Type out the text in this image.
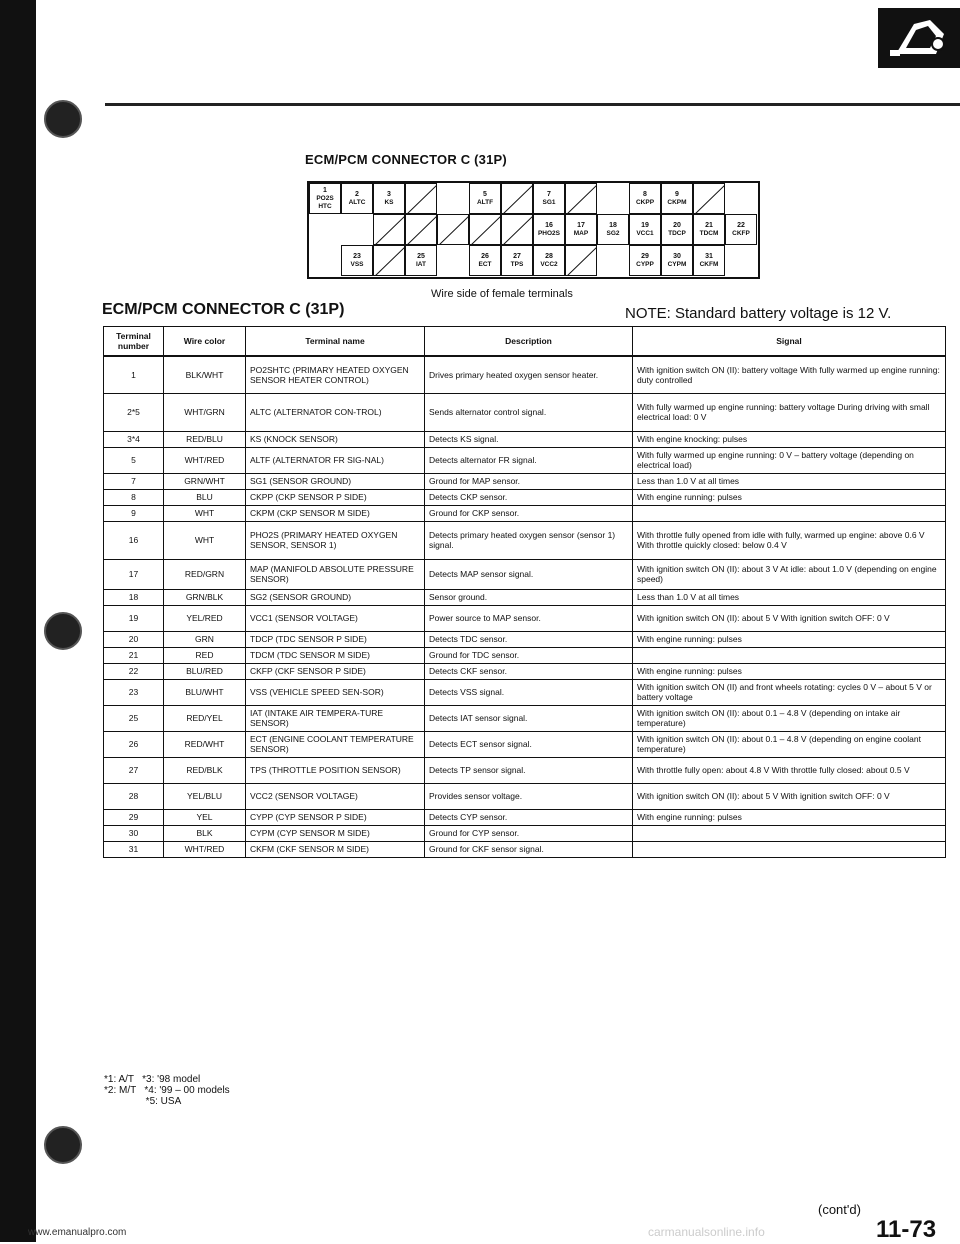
ECM/PCM CONNECTOR C (31P)
1
PO2S HTC
2
ALTC
3
KS
5
ALTF
7
SG1
8
CKPP
9
CKPM
16
PHO2S
17
MAP
18
SG2
19
VCC1
20
TDCP
21
TDCM
22
CKFP
23
VSS
25
IAT
26
ECT
27
TPS
28
VCC2
29
CYPP
30
CYPM
31
CKFM
Wire side of female terminals
ECM/PCM CONNECTOR C (31P)	NOTE: Standard battery voltage is 12 V.
Terminal number	Wire color	Terminal name	Description	Signal
1	BLK/WHT	PO2SHTC (PRIMARY HEATED OXYGEN SENSOR HEATER CONTROL)	Drives primary heated oxygen sensor heater.	With ignition switch ON (II): battery voltage With fully warmed up engine running: duty controlled
2*5	WHT/GRN	ALTC (ALTERNATOR CON-TROL)	Sends alternator control signal.	With fully warmed up engine running: battery voltage During driving with small electrical load: 0 V
3*4	RED/BLU	KS (KNOCK SENSOR)	Detects KS signal.	With engine knocking: pulses
5	WHT/RED	ALTF (ALTERNATOR FR SIG-NAL)	Detects alternator FR signal.	With fully warmed up engine running: 0 V – battery voltage (depending on electrical load)
7	GRN/WHT	SG1 (SENSOR GROUND)	Ground for MAP sensor.	Less than 1.0 V at all times
8	BLU	CKPP (CKP SENSOR P SIDE)	Detects CKP sensor.	With engine running: pulses
9	WHT	CKPM (CKP SENSOR M SIDE)	Ground for CKP sensor.	
16	WHT	PHO2S (PRIMARY HEATED OXYGEN SENSOR, SENSOR 1)	Detects primary heated oxygen sensor (sensor 1) signal.	With throttle fully opened from idle with fully, warmed up engine: above 0.6 V With throttle quickly closed: below 0.4 V
17	RED/GRN	MAP (MANIFOLD ABSOLUTE PRESSURE SENSOR)	Detects MAP sensor signal.	With ignition switch ON (II): about 3 V At idle: about 1.0 V (depending on engine speed)
18	GRN/BLK	SG2 (SENSOR GROUND)	Sensor ground.	Less than 1.0 V at all times
19	YEL/RED	VCC1 (SENSOR VOLTAGE)	Power source to MAP sensor.	With ignition switch ON (II): about 5 V With ignition switch OFF: 0 V
20	GRN	TDCP (TDC SENSOR P SIDE)	Detects TDC sensor.	With engine running: pulses
21	RED	TDCM (TDC SENSOR M SIDE)	Ground for TDC sensor.	
22	BLU/RED	CKFP (CKF SENSOR P SIDE)	Detects CKF sensor.	With engine running: pulses
23	BLU/WHT	VSS (VEHICLE SPEED SEN-SOR)	Detects VSS signal.	With ignition switch ON (II) and front wheels rotating: cycles 0 V – about 5 V or battery voltage
25	RED/YEL	IAT (INTAKE AIR TEMPERA-TURE SENSOR)	Detects IAT sensor signal.	With ignition switch ON (II): about 0.1 – 4.8 V (depending on intake air temperature)
26	RED/WHT	ECT (ENGINE COOLANT TEMPERATURE SENSOR)	Detects ECT sensor signal.	With ignition switch ON (II): about 0.1 – 4.8 V (depending on engine coolant temperature)
27	RED/BLK	TPS (THROTTLE POSITION SENSOR)	Detects TP sensor signal.	With throttle fully open: about 4.8 V With throttle fully closed: about 0.5 V
28	YEL/BLU	VCC2 (SENSOR VOLTAGE)	Provides sensor voltage.	With ignition switch ON (II): about 5 V With ignition switch OFF: 0 V
29	YEL	CYPP (CYP SENSOR P SIDE)	Detects CYP sensor.	With engine running: pulses
30	BLK	CYPM (CYP SENSOR M SIDE)	Ground for CYP sensor.	
31	WHT/RED	CKFM (CKF SENSOR M SIDE)	Ground for CKF sensor signal.	
*1: A/T   *3: '98 model
*2: M/T   *4: '99 – 00 models
*5: USA
(cont'd)
11-73
www.emanualpro.com	carmanualsonline.info
